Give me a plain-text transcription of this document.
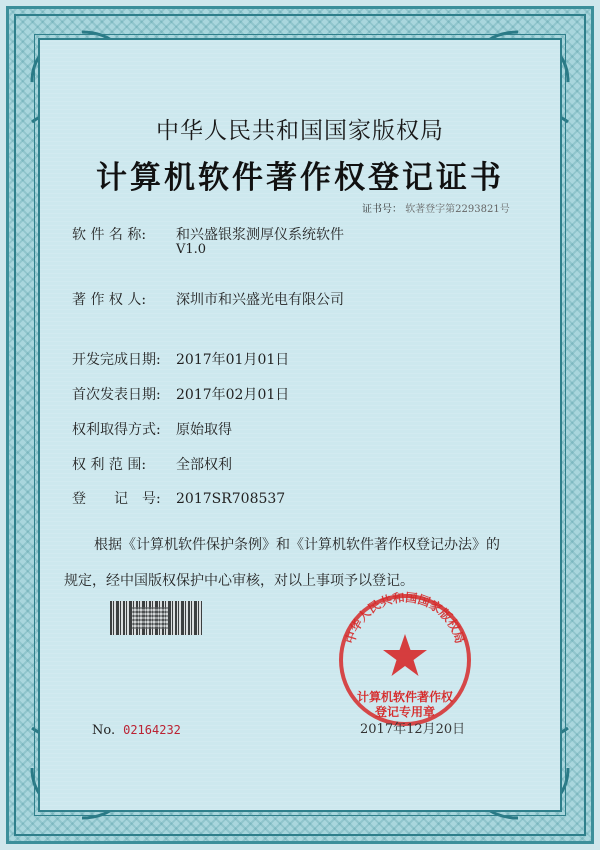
中华人民共和国国家版权局
计算机软件著作权登记证书
证书号： 软著登字第2293821号
软 件 名 称: 和兴盛银浆测厚仪系统软件
V1.0
著 作 权 人: 深圳市和兴盛光电有限公司
开发完成日期: 2017年01月01日
首次发表日期: 2017年02月01日
权利取得方式: 原始取得
权 利 范 围: 全部权利
登　　记　号: 2017SR708537
根据《计算机软件保护条例》和《计算机软件著作权登记办法》的
规定，经中国版权保护中心审核，对以上事项予以登记。
中华人民共和国国家版权局
计算机软件著作权
登记专用章
No. 02164232	2017年12月20日
